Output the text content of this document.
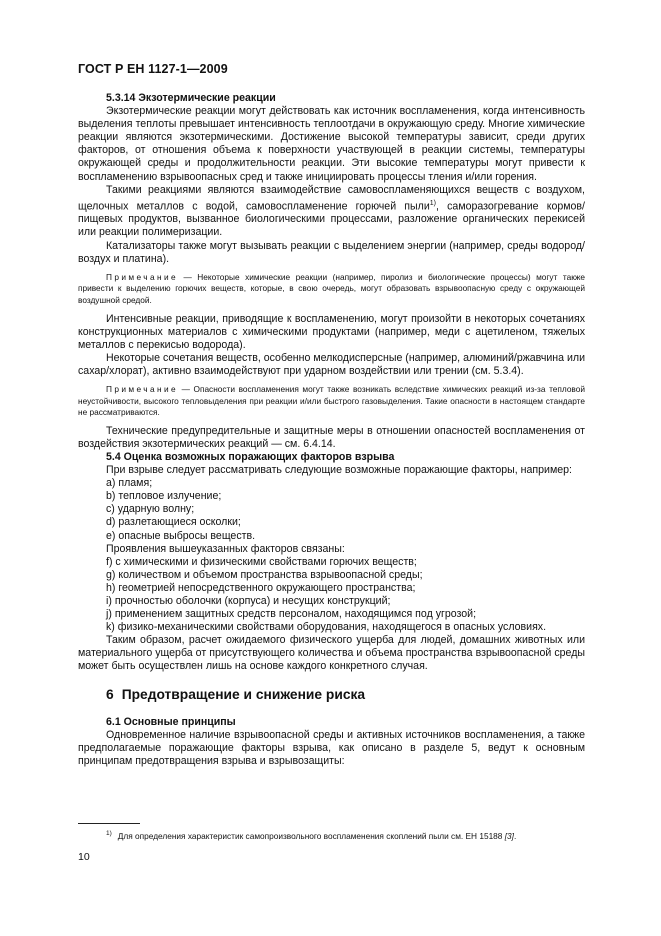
ГОСТ Р ЕН 1127-1—2009
5.3.14 Экзотермические реакции

Экзотермические реакции могут действовать как источник воспламенения, когда интенсивность выделения теплоты превышает интенсивность теплоотдачи в окружающую среду. Многие химические реакции являются экзотермическими. Достижение высокой температуры зависит, среди других факторов, от отношения объема к поверхности участвующей в реакции системы, температуры окружающей среды и продолжительности реакции. Эти высокие температуры могут привести к воспламенению взрывоопасных сред и также инициировать процессы тления и/или горения.

Такими реакциями являются взаимодействие самовоспламеняющихся веществ с воздухом, щелочных металлов с водой, самовоспламенение горючей пыли$^{1)}$, саморазогревание кормов/ пищевых продуктов, вызванное биологическими процессами, разложение органических перекисей или реакции полимеризации.

Катализаторы также могут вызывать реакции с выделением энергии (например, среды водород/воздух и платина).

Примечание — Некоторые химические реакции (например, пиролиз и биологические процессы) могут также привести к выделению горючих веществ, которые, в свою очередь, могут образовать взрывоопасную среду с окружающей воздушной средой.

Интенсивные реакции, приводящие к воспламенению, могут произойти в некоторых сочетаниях конструкционных материалов с химическими продуктами (например, меди с ацетиленом, тяжелых металлов с перекисью водорода).

Некоторые сочетания веществ, особенно мелкодисперсные (например, алюминий/ржавчина или сахар/хлорат), активно взаимодействуют при ударном воздействии или трении (см. 5.3.4).

Примечание — Опасности воспламенения могут также возникать вследствие химических реакций из-за тепловой неустойчивости, высокого тепловыделения при реакции и/или быстрого газовыделения. Такие опасности в настоящем стандарте не рассматриваются.

Технические предупредительные и защитные меры в отношении опасностей воспламенения от воздействия экзотермических реакций — см. 6.4.14.

5.4 Оценка возможных поражающих факторов взрыва

При взрыве следует рассматривать следующие возможные поражающие факторы, например:

a) пламя;
b) тепловое излучение;
c) ударную волну;
d) разлетающиеся осколки;
e) опасные выбросы веществ.

Проявления вышеуказанных факторов связаны:

f) с химическими и физическими свойствами горючих веществ;
g) количеством и объемом пространства взрывоопасной среды;
h) геометрией непосредственного окружающего пространства;
i) прочностью оболочки (корпуса) и несущих конструкций;
j) применением защитных средств персоналом, находящимся под угрозой;
k) физико-механическими свойствами оборудования, находящегося в опасных условиях.

Таким образом, расчет ожидаемого физического ущерба для людей, домашних животных или материального ущерба от присутствующего количества и объема пространства взрывоопасной среды может быть осуществлен лишь на основе каждого конкретного случая.

6 Предотвращение и снижение риска
6.1 Основные принципы

Одновременное наличие взрывоопасной среды и активных источников воспламенения, а также предполагаемые поражающие факторы взрыва, как описано в разделе 5, ведут к основным принципам предотвращения взрыва и взрывозащиты:

$^{1)}$ Для определения характеристик самопроизвольного воспламенения скоплений пыли см. ЕН 15188 [3].
10
